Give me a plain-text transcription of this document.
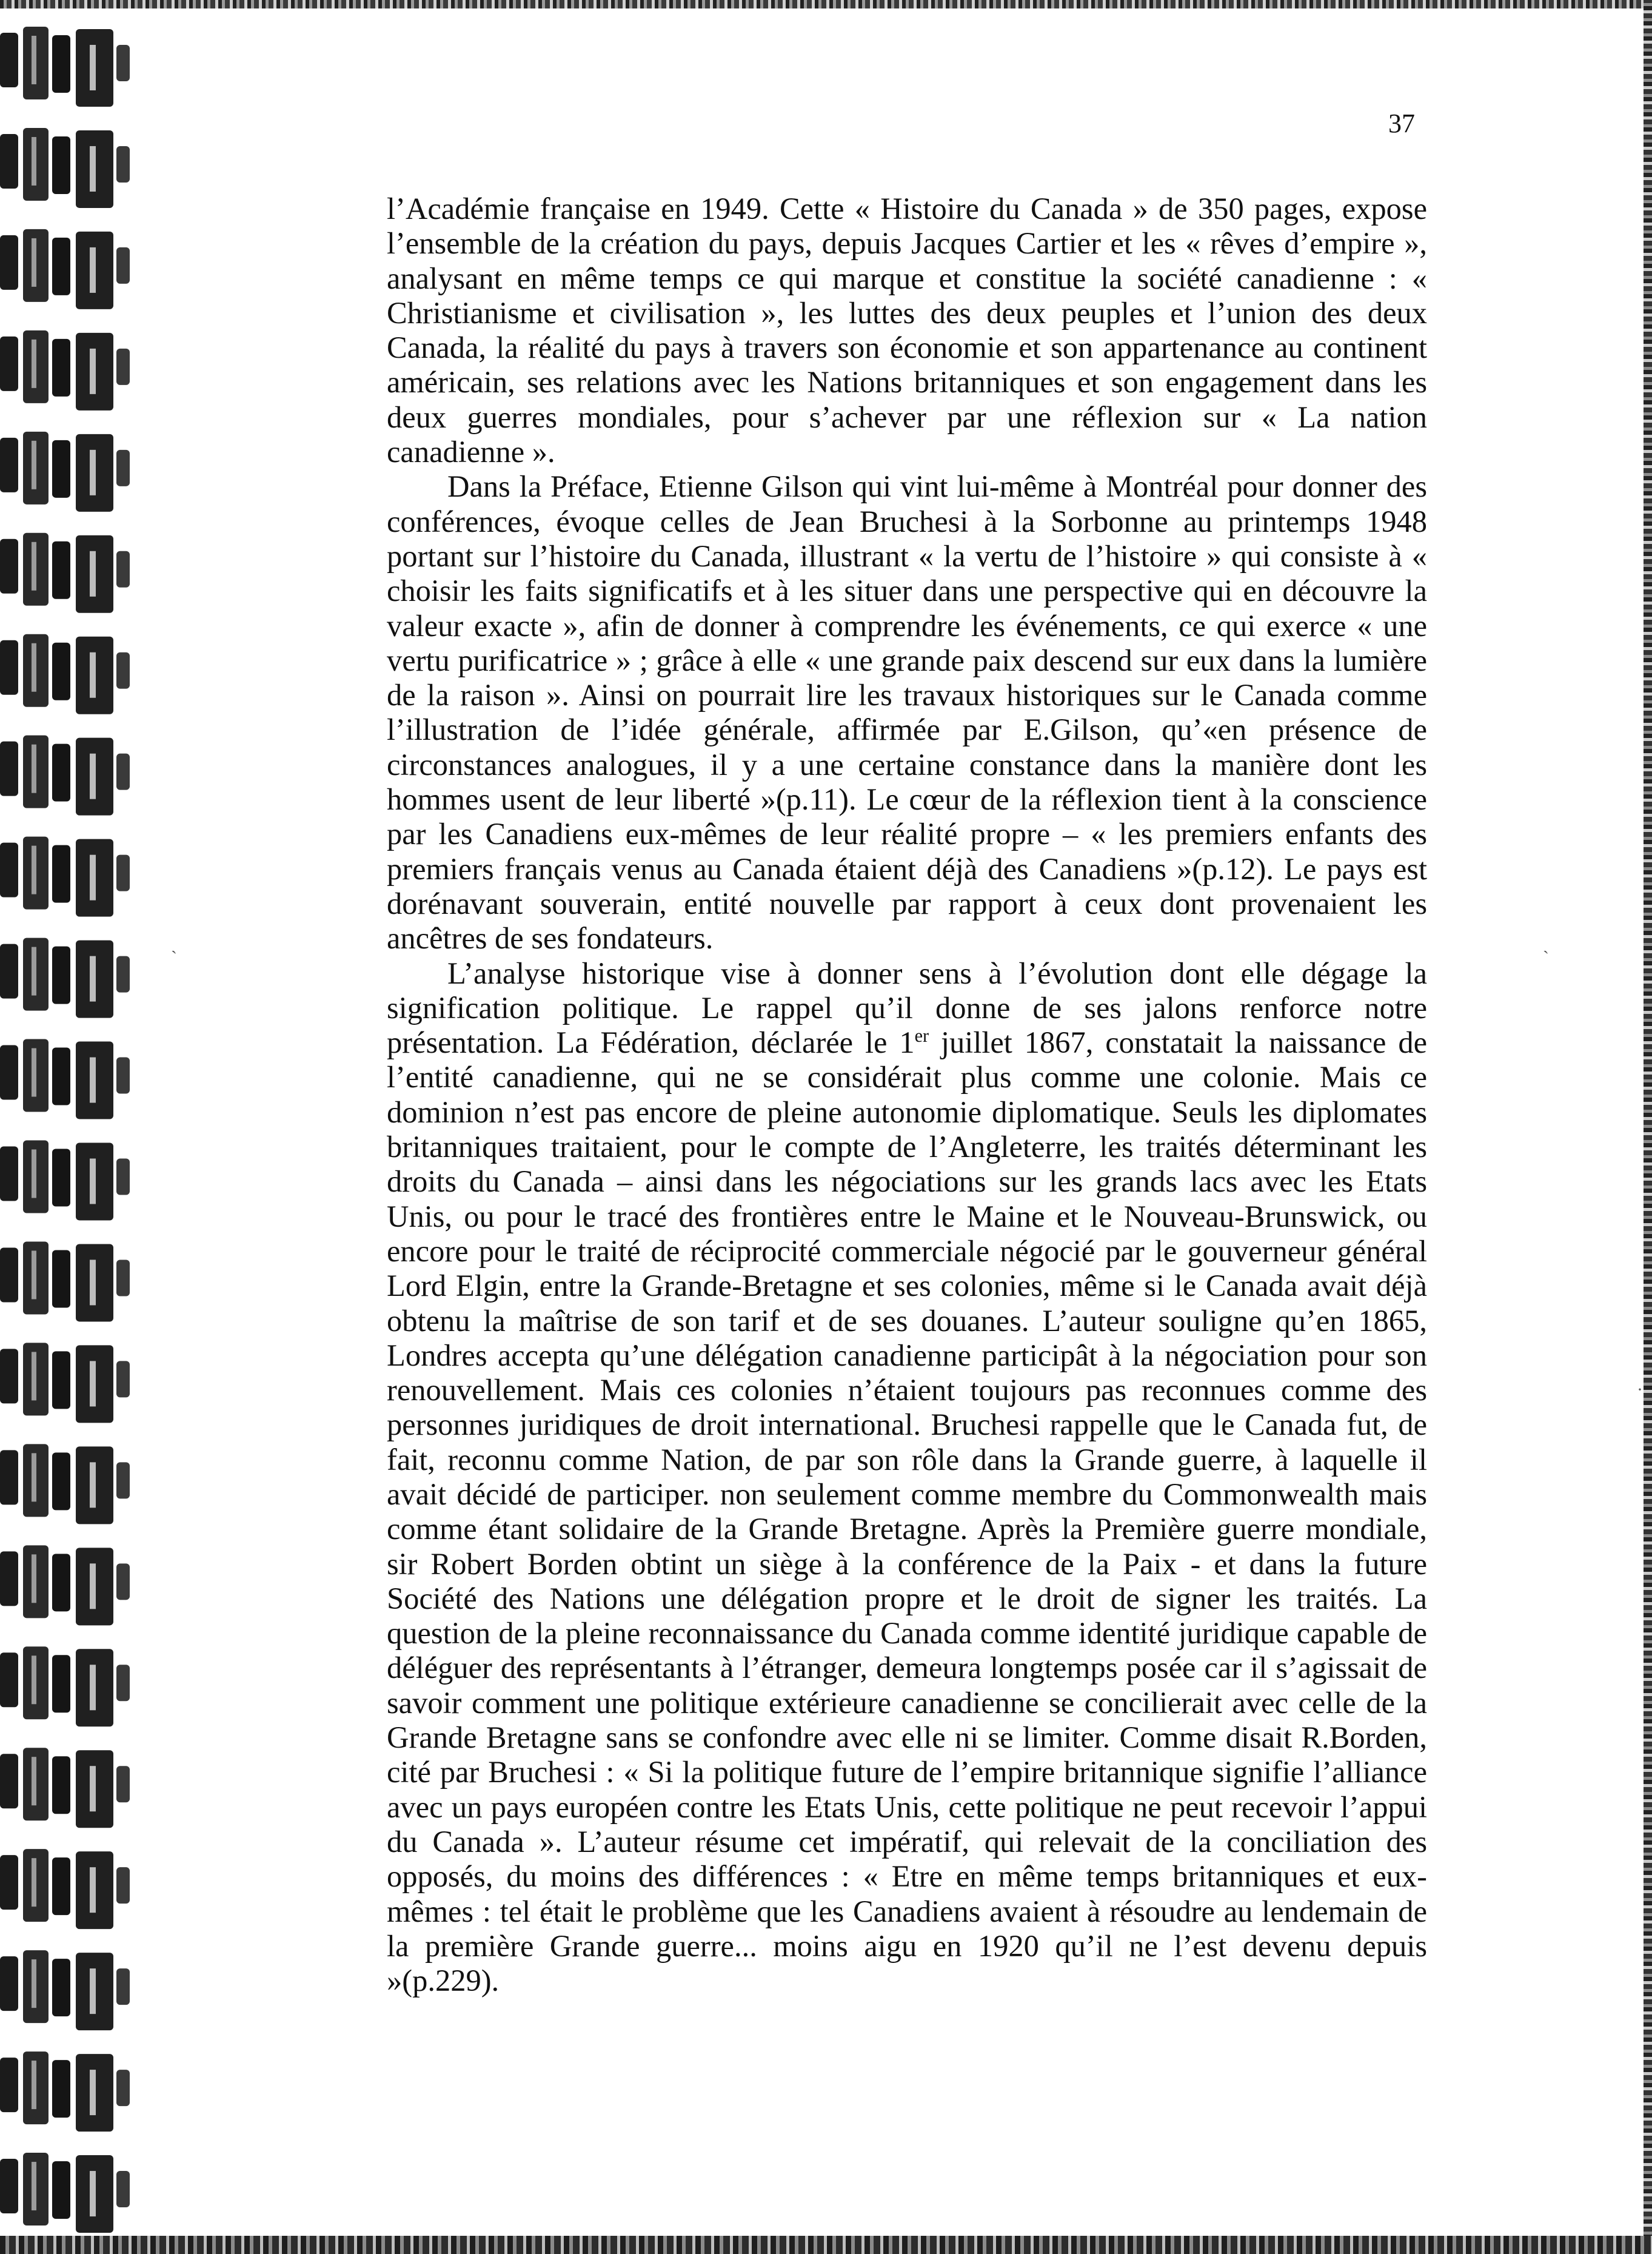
37

l’Académie française en 1949. Cette « Histoire du Canada » de 350 pages, expose l’ensemble de la création du pays, depuis Jacques Cartier et les « rêves d’empire », analysant en même temps ce qui marque et constitue la société canadienne : « Christianisme et civilisation », les luttes des deux peuples et l’union des deux Canada, la réalité du pays à travers son économie et son appartenance au continent américain, ses relations avec les Nations britanniques et son engagement dans les deux guerres mondiales, pour s’achever par une réflexion sur « La nation canadienne ».

Dans la Préface, Etienne Gilson qui vint lui-même à Montréal pour donner des conférences, évoque celles de Jean Bruchesi à la Sorbonne au printemps 1948 portant sur l’histoire du Canada, illustrant « la vertu de l’histoire » qui consiste à « choisir les faits significatifs et à les situer dans une perspective qui en découvre la valeur exacte », afin de donner à comprendre les événements, ce qui exerce « une vertu purificatrice » ; grâce à elle « une grande paix descend sur eux dans la lumière de la raison ». Ainsi on pourrait lire les travaux historiques sur le Canada comme l’illustration de l’idée générale, affirmée par E.Gilson, qu’«en présence de circonstances analogues, il y a une certaine constance dans la manière dont les hommes usent de leur liberté »(p.11). Le cœur de la réflexion tient à la conscience par les Canadiens eux-mêmes de leur réalité propre – « les premiers enfants des premiers français venus au Canada étaient déjà des Canadiens »(p.12). Le pays est dorénavant souverain, entité nouvelle par rapport à ceux dont provenaient les ancêtres de ses fondateurs.

L’analyse historique vise à donner sens à l’évolution dont elle dégage la signification politique. Le rappel qu’il donne de ses jalons renforce notre présentation. La Fédération, déclarée le 1er juillet 1867, constatait la naissance de l’entité canadienne, qui ne se considérait plus comme une colonie. Mais ce dominion n’est pas encore de pleine autonomie diplomatique. Seuls les diplomates britanniques traitaient, pour le compte de l’Angleterre, les traités déterminant les droits du Canada – ainsi dans les négociations sur les grands lacs avec les Etats Unis, ou pour le tracé des frontières entre le Maine et le Nouveau-Brunswick, ou encore pour le traité de réciprocité commerciale négocié par le gouverneur général Lord Elgin, entre la Grande-Bretagne et ses colonies, même si le Canada avait déjà obtenu la maîtrise de son tarif et de ses douanes. L’auteur souligne qu’en 1865, Londres accepta qu’une délégation canadienne participât à la négociation pour son renouvellement. Mais ces colonies n’étaient toujours pas reconnues comme des personnes juridiques de droit international. Bruchesi rappelle que le Canada fut, de fait, reconnu comme Nation, de par son rôle dans la Grande guerre, à laquelle il avait décidé de participer. non seulement comme membre du Commonwealth mais comme étant solidaire de la Grande Bretagne. Après la Première guerre mondiale, sir Robert Borden obtint un siège à la conférence de la Paix - et dans la future Société des Nations une délégation propre et le droit de signer les traités. La question de la pleine reconnaissance du Canada comme identité juridique capable de déléguer des représentants à l’étranger, demeura longtemps posée car il s’agissait de savoir comment une politique extérieure canadienne se concilierait avec celle de la Grande Bretagne sans se confondre avec elle ni se limiter. Comme disait R.Borden, cité par Bruchesi : « Si la politique future de l’empire britannique signifie l’alliance avec un pays européen contre les Etats Unis, cette politique ne peut recevoir l’appui du Canada ». L’auteur résume cet impératif, qui relevait de la conciliation des opposés, du moins des différences : « Etre en même temps britanniques et eux-mêmes : tel était le problème que les Canadiens avaient à résoudre au lendemain de la première Grande guerre... moins aigu en 1920 qu’il ne l’est devenu depuis »(p.229).

ˏ	ˏ
·
